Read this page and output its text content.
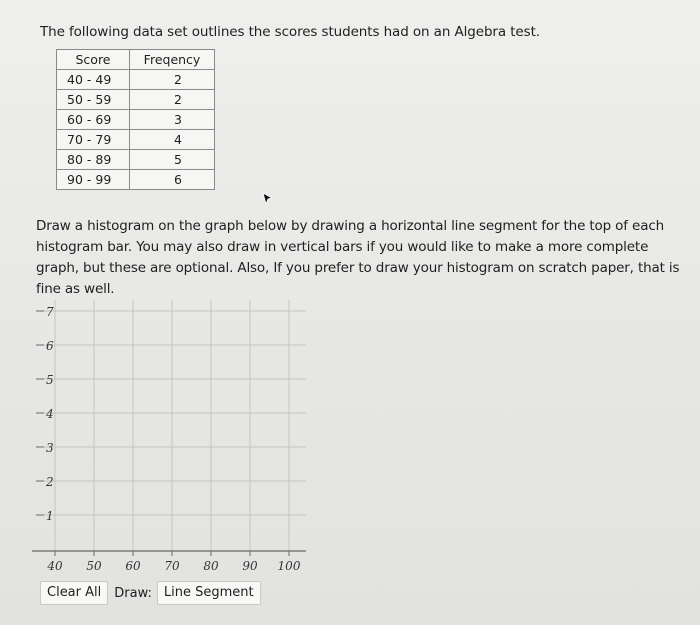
The following data set outlines the scores students had on an Algebra test.
Score	Freqency
40 - 49	2
50 - 59	2
60 - 69	3
70 - 79	4
80 - 89	5
90 - 99	6
Draw a histogram on the graph below by drawing a horizontal line segment for the top of each histogram bar. You may also draw in vertical bars if you would like to make a more complete graph, but these are optional. Also, If you prefer to draw your histogram on scratch paper, that is fine as well.
1
2
3
4
5
6
7
40 50 60 70 80 90 100
Clear All	Draw: Line Segment
